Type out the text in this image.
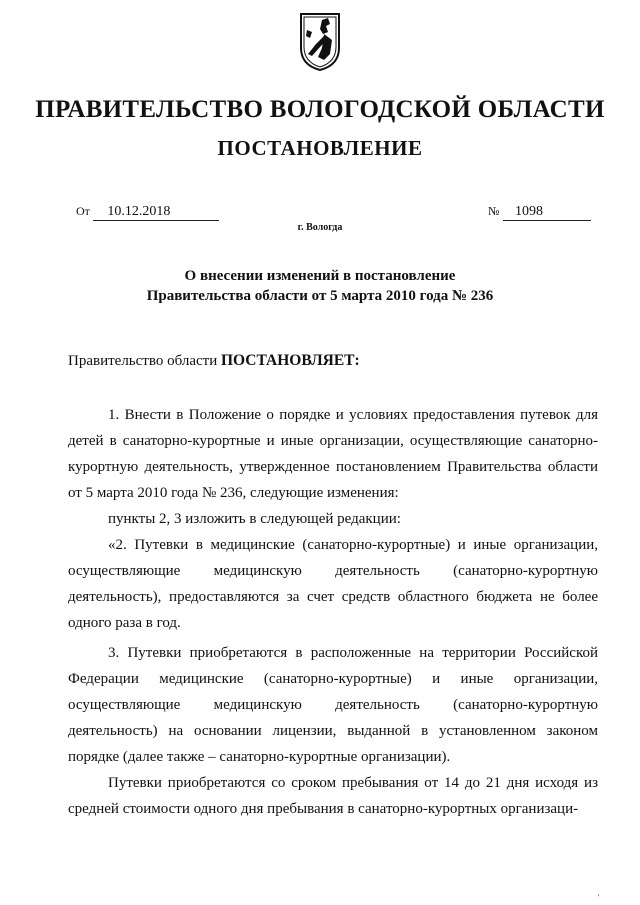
ПРАВИТЕЛЬСТВО ВОЛОГОДСКОЙ ОБЛАСТИ
ПОСТАНОВЛЕНИЕ
От 10.12.2018	№ 1098
г. Вологда
О внесении изменений в постановление
Правительства области от 5 марта 2010 года № 236
Правительство области ПОСТАНОВЛЯЕТ:

1. Внести в Положение о порядке и условиях предоставления путевок для детей в санаторно-курортные и иные организации, осуществляющие санаторно-курортную деятельность, утвержденное постановлением Правительства области от 5 марта 2010 года № 236, следующие изменения:

пункты 2, 3 изложить в следующей редакции:

«2. Путевки в медицинские (санаторно-курортные) и иные организации, осуществляющие медицинскую деятельность (санаторно-курортную деятельность), предоставляются за счет средств областного бюджета не более одного раза в год.

3. Путевки приобретаются в расположенные на территории Российской Федерации медицинские (санаторно-курортные) и иные организации, осуществляющие медицинскую деятельность (санаторно-курортную деятельность) на основании лицензии, выданной в установленном законом порядке (далее также – санаторно-курортные организации).

Путевки приобретаются со сроком пребывания от 14 до 21 дня исходя из средней стоимости одного дня пребывания в санаторно-курортных организаци-

'
